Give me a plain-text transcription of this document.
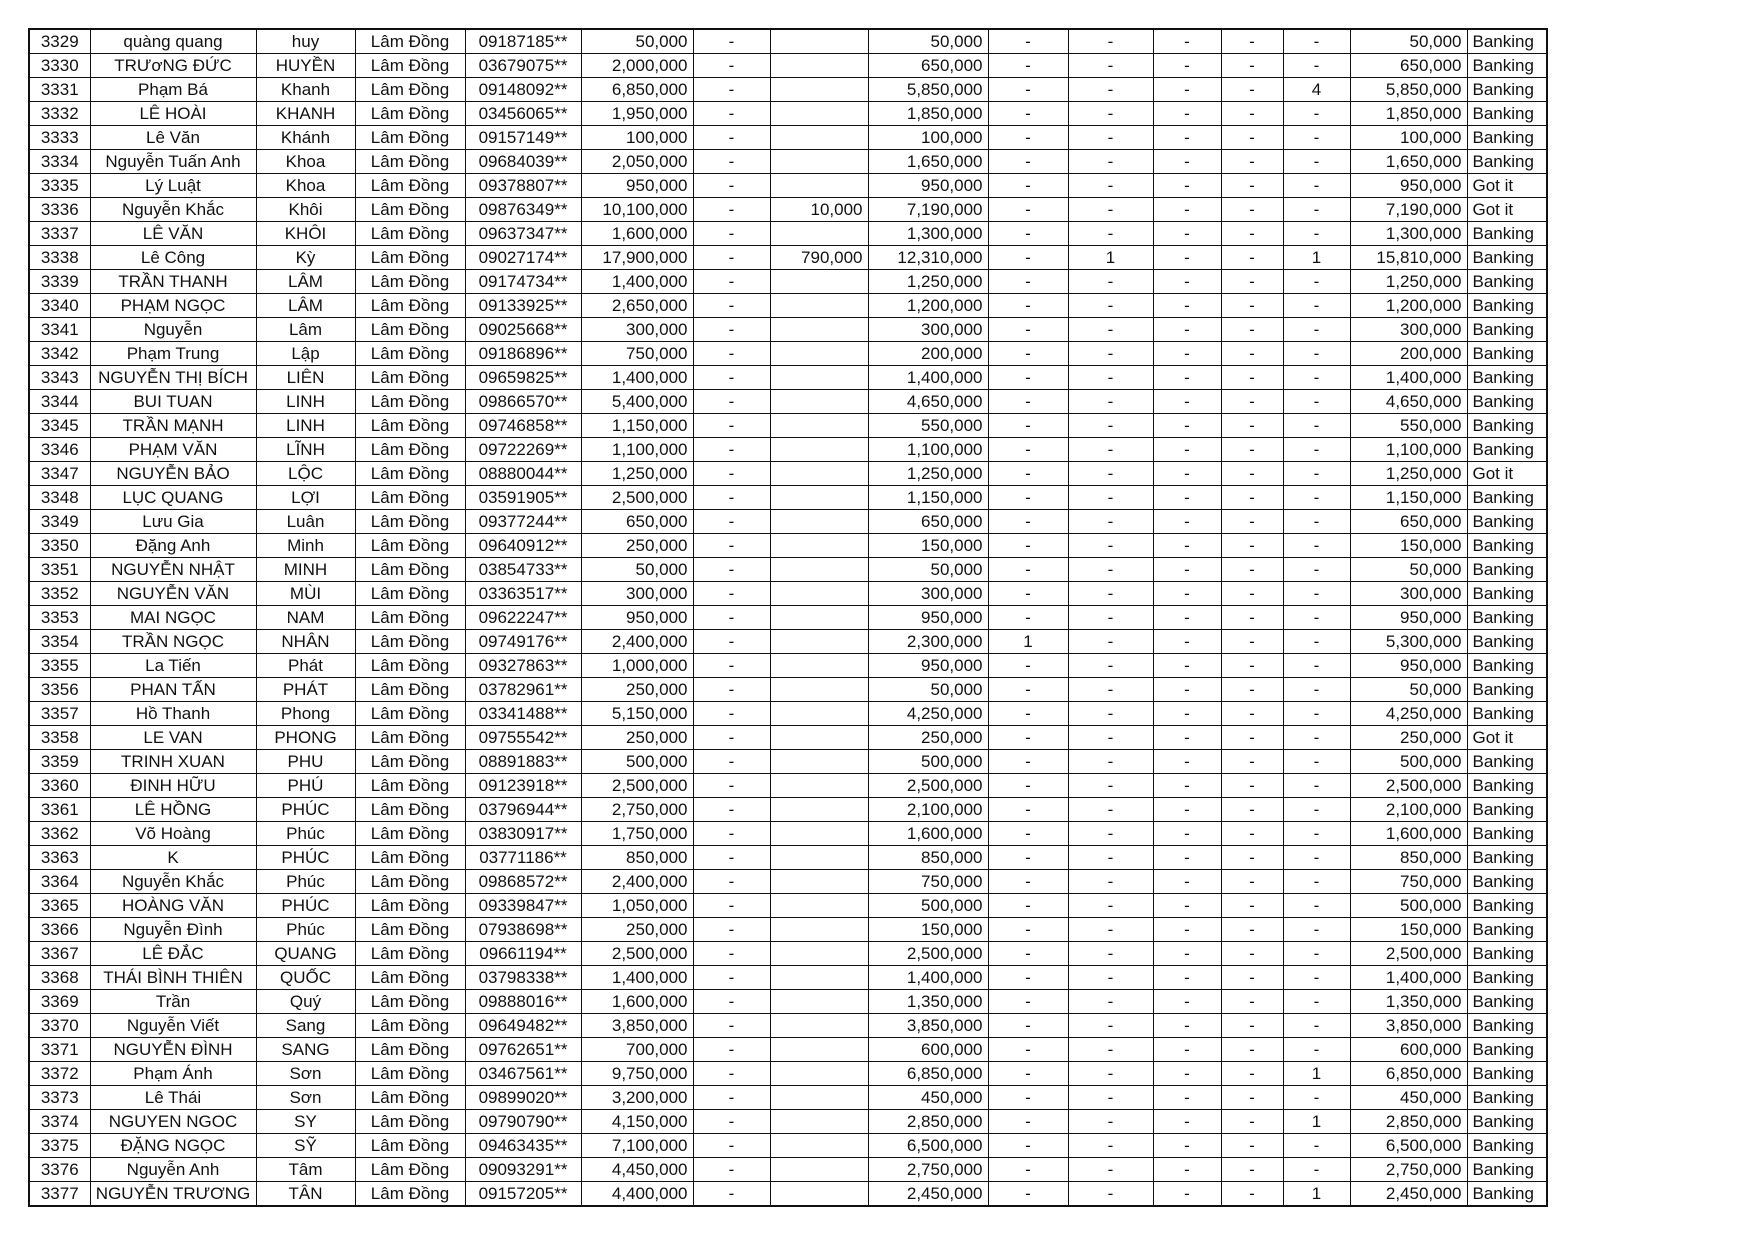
3329	quàng quang	huy	Lâm Đồng	09187185**	50,000	-		50,000	-	-	-	-	-	50,000	Banking
3330	TRƯơNG ĐỨC	HUYỀN	Lâm Đồng	03679075**	2,000,000	-		650,000	-	-	-	-	-	650,000	Banking
3331	Phạm Bá	Khanh	Lâm Đồng	09148092**	6,850,000	-		5,850,000	-	-	-	-	4	5,850,000	Banking
3332	LÊ HOÀI	KHANH	Lâm Đồng	03456065**	1,950,000	-		1,850,000	-	-	-	-	-	1,850,000	Banking
3333	Lê Văn	Khánh	Lâm Đồng	09157149**	100,000	-		100,000	-	-	-	-	-	100,000	Banking
3334	Nguyễn Tuấn Anh	Khoa	Lâm Đồng	09684039**	2,050,000	-		1,650,000	-	-	-	-	-	1,650,000	Banking
3335	Lý Luật	Khoa	Lâm Đồng	09378807**	950,000	-		950,000	-	-	-	-	-	950,000	Got it
3336	Nguyễn Khắc	Khôi	Lâm Đồng	09876349**	10,100,000	-	10,000	7,190,000	-	-	-	-	-	7,190,000	Got it
3337	LÊ VĂN	KHÔI	Lâm Đồng	09637347**	1,600,000	-		1,300,000	-	-	-	-	-	1,300,000	Banking
3338	Lê Công	Kỳ	Lâm Đồng	09027174**	17,900,000	-	790,000	12,310,000	-	1	-	-	1	15,810,000	Banking
3339	TRẦN THANH	LÂM	Lâm Đồng	09174734**	1,400,000	-		1,250,000	-	-	-	-	-	1,250,000	Banking
3340	PHẠM NGỌC	LÂM	Lâm Đồng	09133925**	2,650,000	-		1,200,000	-	-	-	-	-	1,200,000	Banking
3341	Nguyễn	Lâm	Lâm Đồng	09025668**	300,000	-		300,000	-	-	-	-	-	300,000	Banking
3342	Phạm Trung	Lập	Lâm Đồng	09186896**	750,000	-		200,000	-	-	-	-	-	200,000	Banking
3343	NGUYỄN THỊ BÍCH	LIÊN	Lâm Đồng	09659825**	1,400,000	-		1,400,000	-	-	-	-	-	1,400,000	Banking
3344	BUI TUAN	LINH	Lâm Đồng	09866570**	5,400,000	-		4,650,000	-	-	-	-	-	4,650,000	Banking
3345	TRẦN MẠNH	LINH	Lâm Đồng	09746858**	1,150,000	-		550,000	-	-	-	-	-	550,000	Banking
3346	PHẠM VĂN	LĨNH	Lâm Đồng	09722269**	1,100,000	-		1,100,000	-	-	-	-	-	1,100,000	Banking
3347	NGUYỄN BẢO	LỘC	Lâm Đồng	08880044**	1,250,000	-		1,250,000	-	-	-	-	-	1,250,000	Got it
3348	LỤC QUANG	LỢI	Lâm Đồng	03591905**	2,500,000	-		1,150,000	-	-	-	-	-	1,150,000	Banking
3349	Lưu Gia	Luân	Lâm Đồng	09377244**	650,000	-		650,000	-	-	-	-	-	650,000	Banking
3350	Đặng Anh	Minh	Lâm Đồng	09640912**	250,000	-		150,000	-	-	-	-	-	150,000	Banking
3351	NGUYỄN NHẬT	MINH	Lâm Đồng	03854733**	50,000	-		50,000	-	-	-	-	-	50,000	Banking
3352	NGUYỄN VĂN	MÙI	Lâm Đồng	03363517**	300,000	-		300,000	-	-	-	-	-	300,000	Banking
3353	MAI NGỌC	NAM	Lâm Đồng	09622247**	950,000	-		950,000	-	-	-	-	-	950,000	Banking
3354	TRẦN NGỌC	NHÂN	Lâm Đồng	09749176**	2,400,000	-		2,300,000	1	-	-	-	-	5,300,000	Banking
3355	La Tiến	Phát	Lâm Đồng	09327863**	1,000,000	-		950,000	-	-	-	-	-	950,000	Banking
3356	PHAN TẤN	PHÁT	Lâm Đồng	03782961**	250,000	-		50,000	-	-	-	-	-	50,000	Banking
3357	Hồ Thanh	Phong	Lâm Đồng	03341488**	5,150,000	-		4,250,000	-	-	-	-	-	4,250,000	Banking
3358	LE VAN	PHONG	Lâm Đồng	09755542**	250,000	-		250,000	-	-	-	-	-	250,000	Got it
3359	TRINH XUAN	PHU	Lâm Đồng	08891883**	500,000	-		500,000	-	-	-	-	-	500,000	Banking
3360	ĐINH HỮU	PHÚ	Lâm Đồng	09123918**	2,500,000	-		2,500,000	-	-	-	-	-	2,500,000	Banking
3361	LÊ HỒNG	PHÚC	Lâm Đồng	03796944**	2,750,000	-		2,100,000	-	-	-	-	-	2,100,000	Banking
3362	Võ Hoàng	Phúc	Lâm Đồng	03830917**	1,750,000	-		1,600,000	-	-	-	-	-	1,600,000	Banking
3363	K	PHÚC	Lâm Đồng	03771186**	850,000	-		850,000	-	-	-	-	-	850,000	Banking
3364	Nguyễn Khắc	Phúc	Lâm Đồng	09868572**	2,400,000	-		750,000	-	-	-	-	-	750,000	Banking
3365	HOÀNG VĂN	PHÚC	Lâm Đồng	09339847**	1,050,000	-		500,000	-	-	-	-	-	500,000	Banking
3366	Nguyễn Đình	Phúc	Lâm Đồng	07938698**	250,000	-		150,000	-	-	-	-	-	150,000	Banking
3367	LÊ ĐẮC	QUANG	Lâm Đồng	09661194**	2,500,000	-		2,500,000	-	-	-	-	-	2,500,000	Banking
3368	THÁI BÌNH THIÊN	QUỐC	Lâm Đồng	03798338**	1,400,000	-		1,400,000	-	-	-	-	-	1,400,000	Banking
3369	Trần	Quý	Lâm Đồng	09888016**	1,600,000	-		1,350,000	-	-	-	-	-	1,350,000	Banking
3370	Nguyễn Viết	Sang	Lâm Đồng	09649482**	3,850,000	-		3,850,000	-	-	-	-	-	3,850,000	Banking
3371	NGUYỄN ĐÌNH	SANG	Lâm Đồng	09762651**	700,000	-		600,000	-	-	-	-	-	600,000	Banking
3372	Phạm Ánh	Sơn	Lâm Đồng	03467561**	9,750,000	-		6,850,000	-	-	-	-	1	6,850,000	Banking
3373	Lê Thái	Sơn	Lâm Đồng	09899020**	3,200,000	-		450,000	-	-	-	-	-	450,000	Banking
3374	NGUYEN NGOC	SY	Lâm Đồng	09790790**	4,150,000	-		2,850,000	-	-	-	-	1	2,850,000	Banking
3375	ĐẶNG NGỌC	SỸ	Lâm Đồng	09463435**	7,100,000	-		6,500,000	-	-	-	-	-	6,500,000	Banking
3376	Nguyễn Anh	Tâm	Lâm Đồng	09093291**	4,450,000	-		2,750,000	-	-	-	-	-	2,750,000	Banking
3377	NGUYỄN TRƯƠNG	TÂN	Lâm Đồng	09157205**	4,400,000	-		2,450,000	-	-	-	-	1	2,450,000	Banking
